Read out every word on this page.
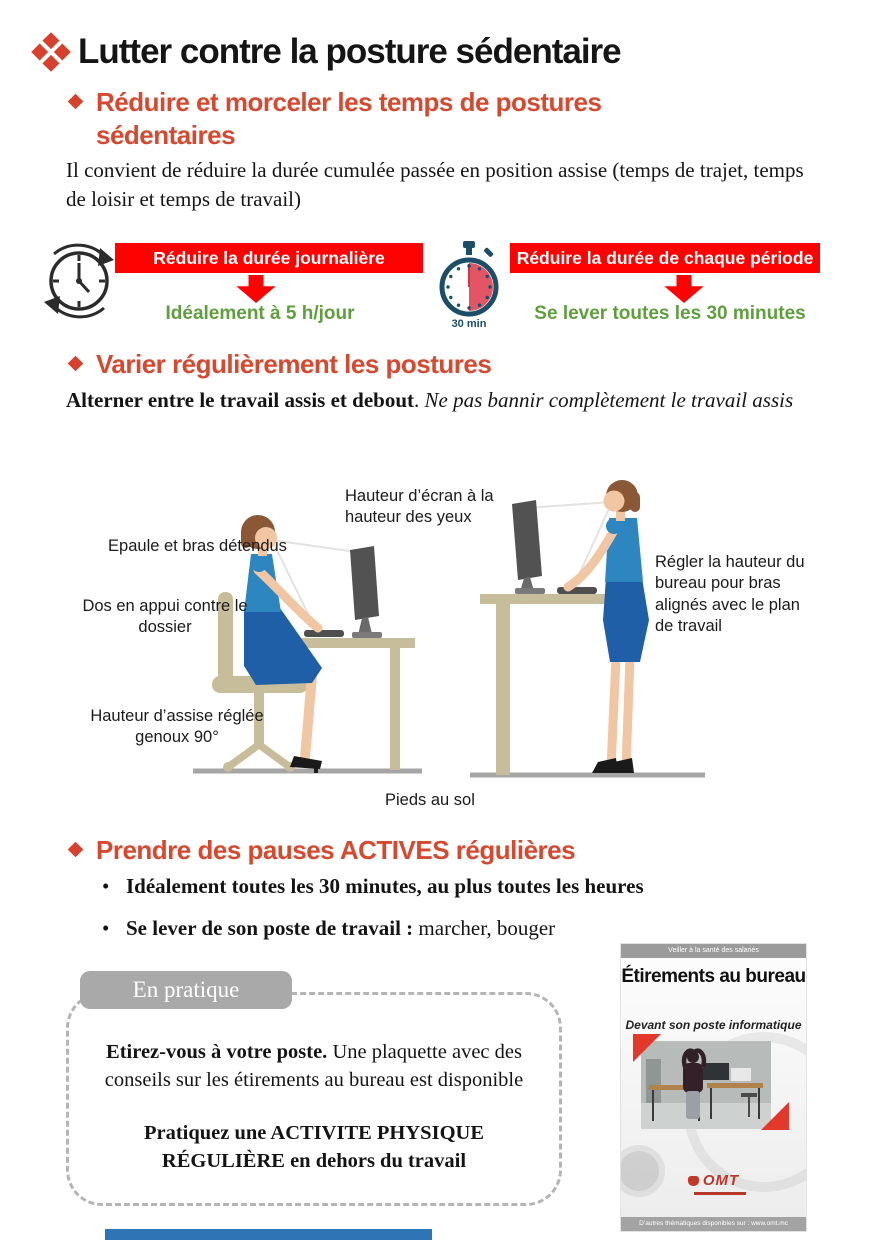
Lutter contre la posture sédentaire
Réduire et morceler les temps de postures sédentaires

Il convient de réduire la durée cumulée passée en position assise (temps de trajet, temps de loisir et temps de travail)

Réduire la durée journalière
Idéalement à 5 h/jour	30 min
Réduire la durée de chaque période
Se lever toutes les 30 minutes
Varier régulièrement les postures

Alterner entre le travail assis et debout. Ne pas bannir complètement le travail assis

Hauteur d’écran à la hauteur des yeux
Epaule et bras détendus
Dos en appui contre le dossier
Régler la hauteur du bureau pour bras alignés avec le plan de travail
Hauteur d’assise réglée genoux 90°
Pieds au sol
Prendre des pauses ACTIVES régulières
• Idéalement toutes les 30 minutes, au plus toutes les heures
• Se lever de son poste de travail : marcher, bouger
En pratique

Etirez-vous à votre poste. Une plaquette avec des conseils sur les étirements au bureau est disponible

Pratiquez une ACTIVITE PHYSIQUE RÉGULIÈRE en dehors du travail

Veiller à la santé des salariés
Étirements au bureau
Devant son poste informatique
OMT
D’autres thématiques disponibles sur : www.omt.mc
